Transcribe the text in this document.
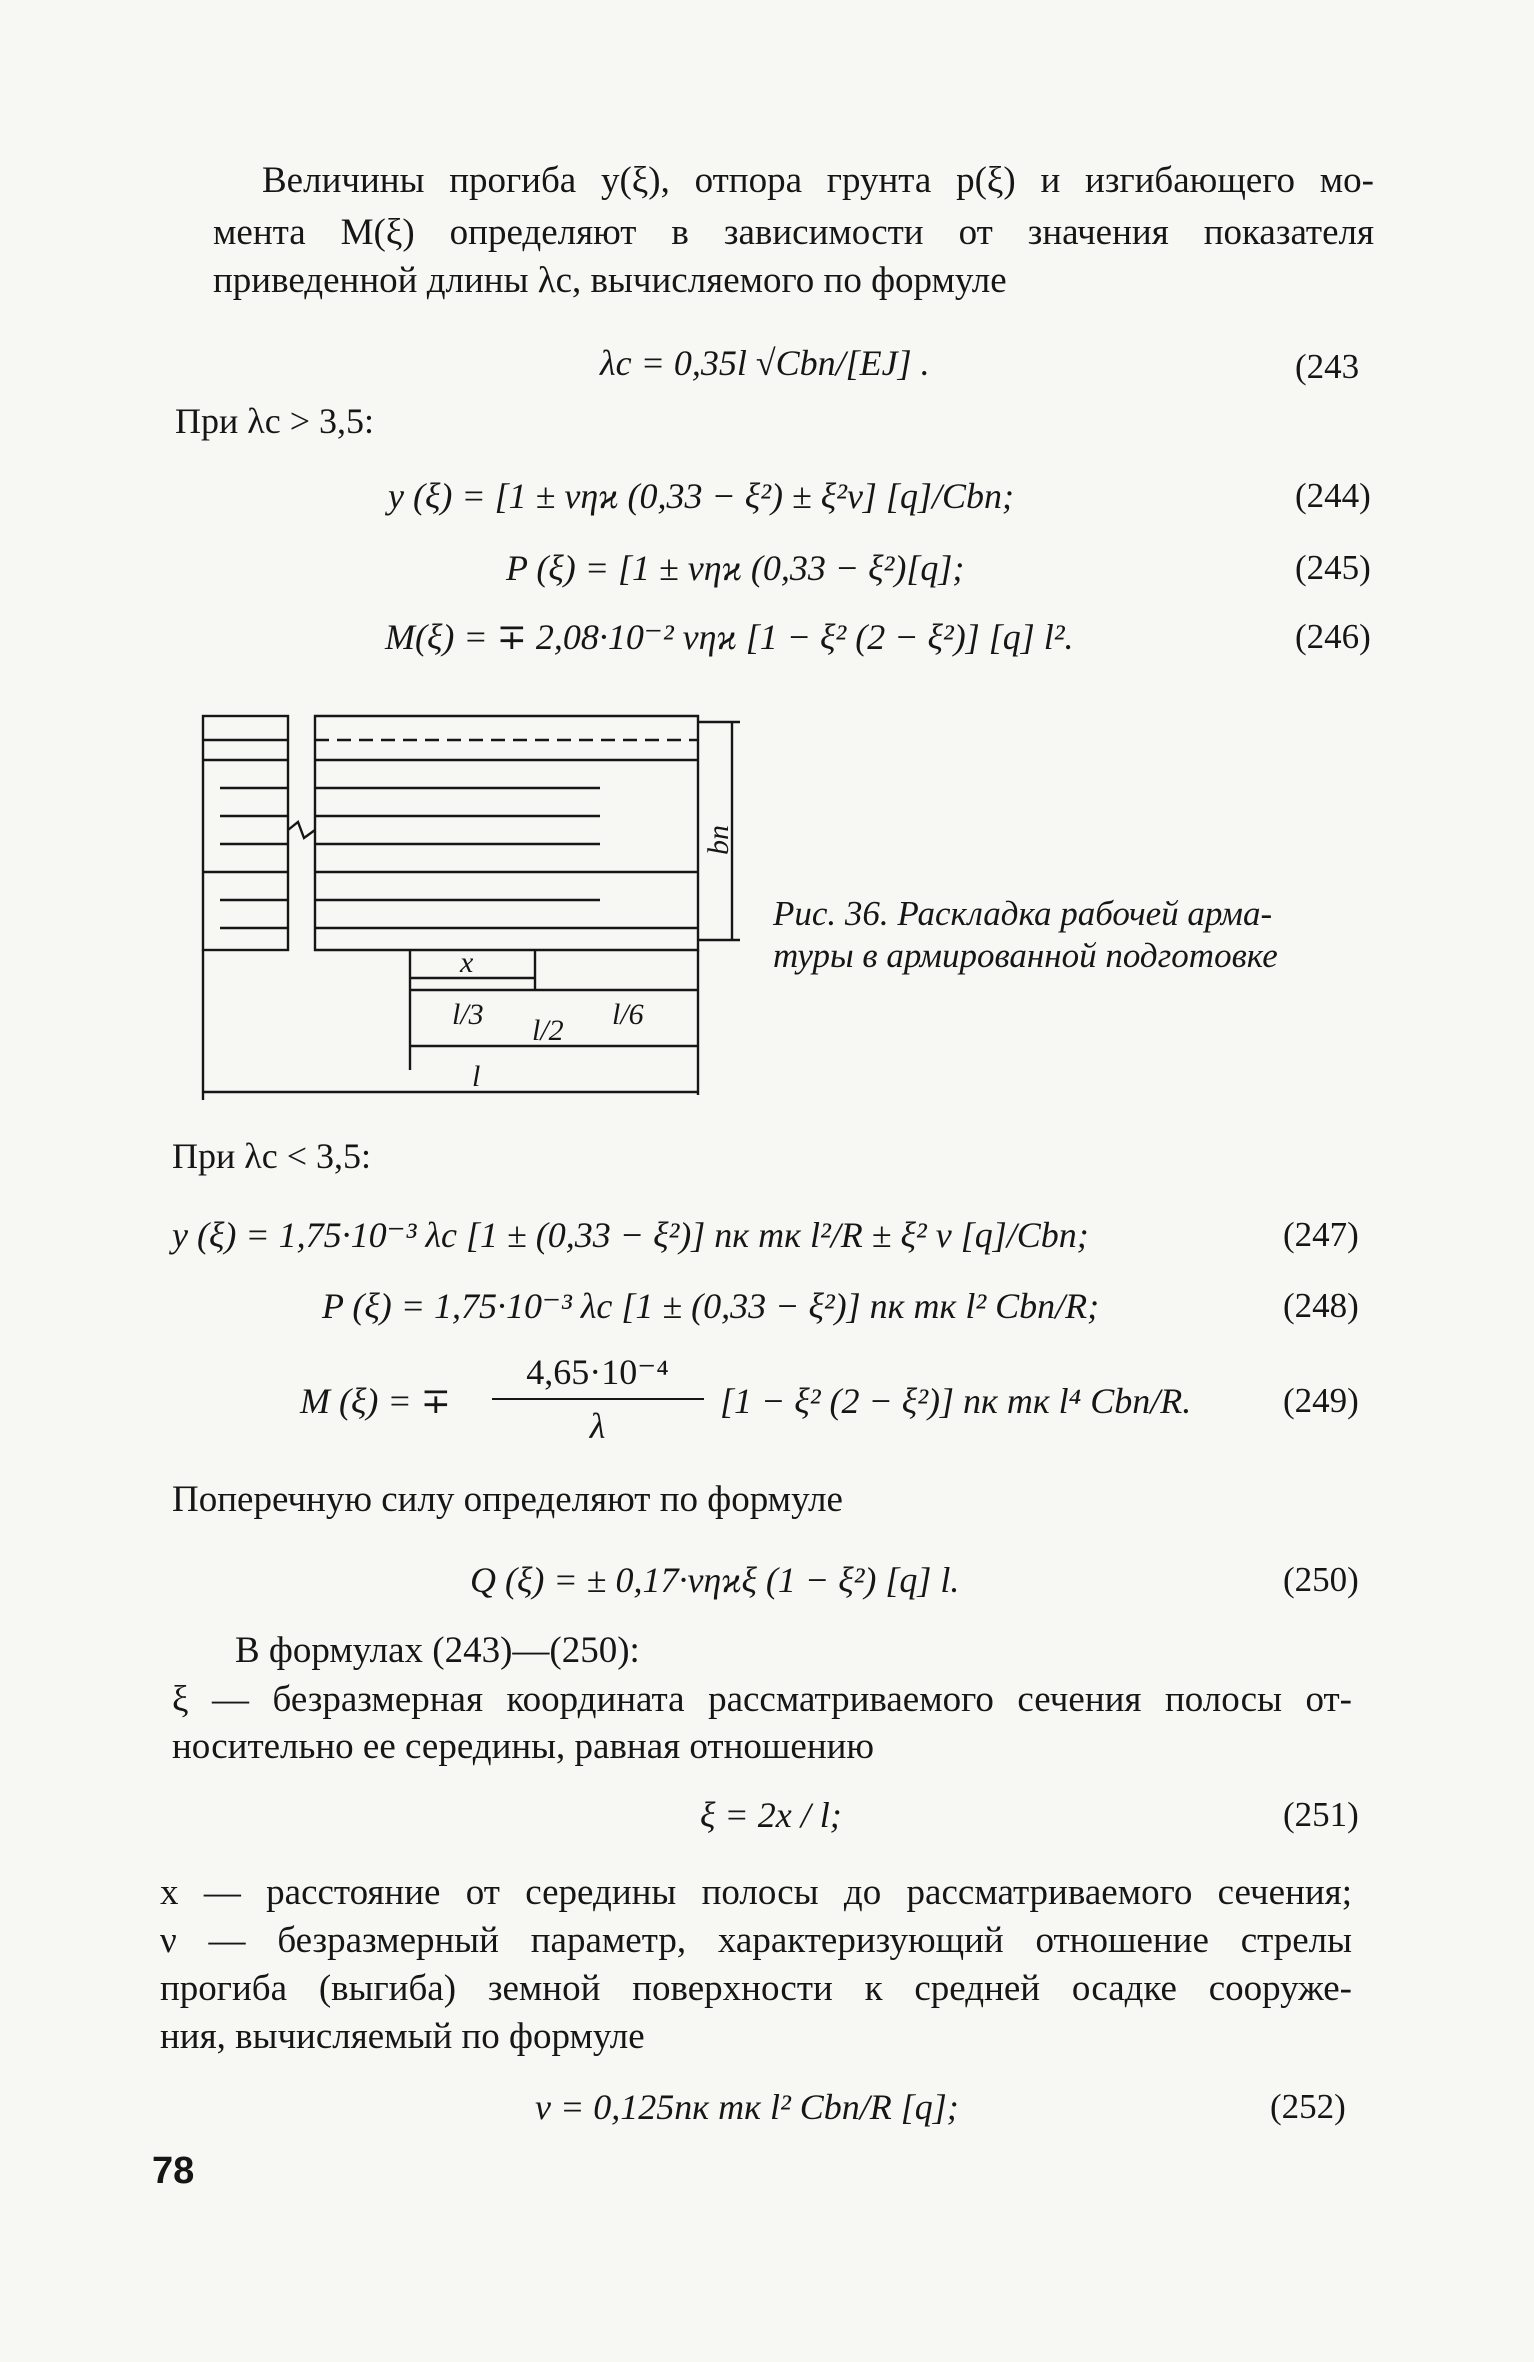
Величины прогиба y(ξ), отпора грунта p(ξ) и изгибающего мо-
мента M(ξ) определяют в зависимости от значения показателя
приведенной длины λс, вычисляемого по формуле
λс = 0,35l √Cbп/[EJ] .	(243
При λс > 3,5:
y (ξ) = [1 ± νηϰ (0,33 − ξ²) ± ξ²ν] [q]/Cbп;	(244)
P (ξ) = [1 ± νηϰ (0,33 − ξ²)[q];	(245)
M(ξ) = ∓ 2,08·10⁻² νηϰ [1 − ξ² (2 − ξ²)] [q] l².	(246)
x
l/3	l/6
l/2
l
bп
Рис. 36. Раскладка рабочей арма-
туры в армированной подготовке
При λс < 3,5:
y (ξ) = 1,75·10⁻³ λс [1 ± (0,33 − ξ²)] nк mк l²/R ± ξ² ν [q]/Cbп;	(247)
P (ξ) = 1,75·10⁻³ λс [1 ± (0,33 − ξ²)] nк mк l² Cbп/R;	(248)
M (ξ) = ∓
4,65·10⁻⁴
λ
[1 − ξ² (2 − ξ²)] nк mк l⁴ Cbп/R.	(249)
Поперечную силу определяют по формуле
Q (ξ) = ± 0,17·νηϰξ (1 − ξ²) [q] l.	(250)
В формулах (243)—(250):
ξ — безразмерная координата рассматриваемого сечения полосы от-
носительно ее середины, равная отношению
ξ = 2x / l;	(251)
x — расстояние от середины полосы до рассматриваемого сечения;
ν — безразмерный параметр, характеризующий отношение стрелы
прогиба (выгиба) земной поверхности к средней осадке сооруже-
ния, вычисляемый по формуле
ν = 0,125nк mк l² Cbп/R [q];	(252)
78
